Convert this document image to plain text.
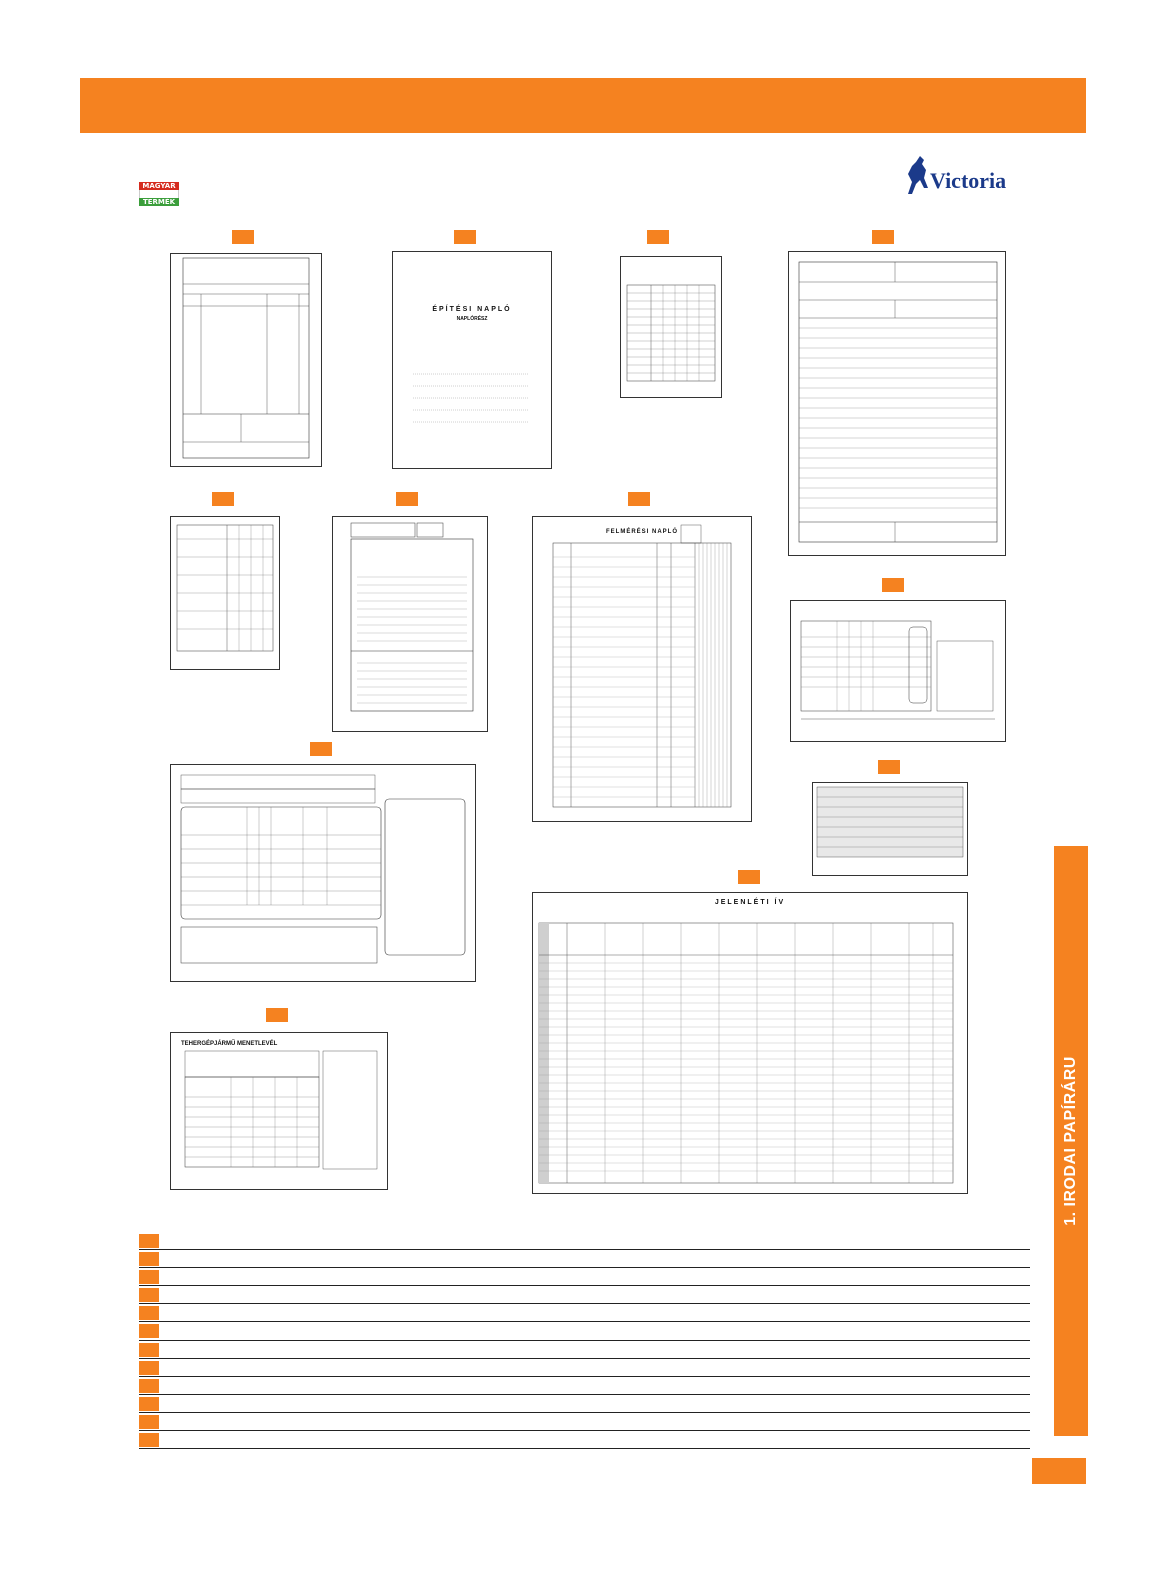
MAGYAR
TERMÉK
Victoria
ÉPÍTÉSI NAPLÓ
NAPLÓRÉSZ
FELMÉRÉSI NAPLÓ
TEHERGÉPJÁRMŰ MENETLEVÉL
JELENLÉTI ÍV
1. IRODAI PAPÍRÁRU
